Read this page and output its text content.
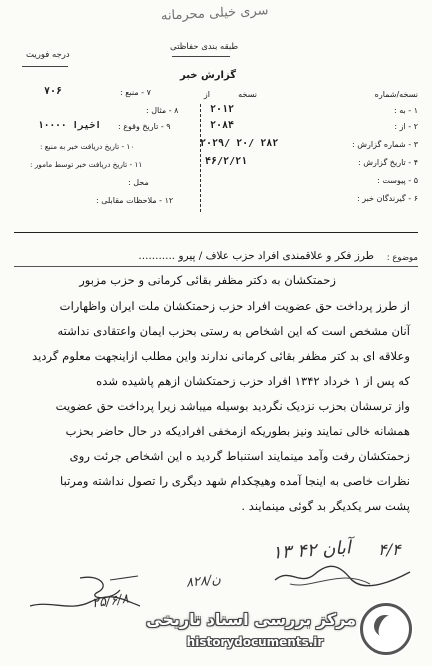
سری خیلی محرمانه
درجه فوریت
طبقه بندی حفاظتی
گزارش خبر
نسخه/شماره
نسخه
از
۱ - به :
۲۰۱۲
۲ - از :
۲۰۸۴
۳ - شماره گزارش :
۲۰۲۹/ ۲۰/ ۲۸۲
۴ - تاریخ گزارش :
۴۶/۲/۲۱
۵ - پیوست :
۶ - گیرندگان خبر :
۷ - منبع :
۷۰۶
۸ - مثال :
۹ - تاریخ وقوع :
۱۰۰۰۰ اخیرا
۱۰ - تاریخ دریافت خبر به منبع :
۱۱ - تاریخ دریافت خبر توسط مامور :
محل :
۱۲ - ملاحظات مقابلی :
موضوع :
طرز فکر و علاقمندی افراد حزب علاف / پیرو ...........
زحمتکشان به دکتر مظفر بقائی کرمانی و حزب مزبور
از طرز پرداخت حق عضویت افراد حزب زحمتکشان ملت ایران واظهارات
آنان مشخص است که این اشخاص به رستی بحزب ایمان واعتقادی نداشته
وعلاقه ای بد کتر مظفر بقائی کرمانی ندارند واین مطلب ازاینجهت معلوم گردید
که پس از ۱ خرداد ۱۳۴۲ افراد حزب زحمتکشان ازهم پاشیده شده
واز ترسشان بحزب نزدیک نگردید بوسیله میباشد زیرا پرداخت حق عضویت
همشانه خالی نمایند ونیز بطوریکه ازمخفی افرادیکه در حال حاضر بحزب
زحمتکشان رفت وآمد مینمایند استنباط گردید ه این اشخاص جرئت روی
نظرات خاصی به اینجا آمده وهیچکدام شهد دیگری را تصول نداشته ومرتبا
پشت سر یکدیگر بد گوئی مینمایند .
۱۳ آبان ۴۲ ۴/۴
۸۲۸/ن
۲۵/۶/۸
مرکز بررسی اسناد تاریخی
historydocuments.ir
